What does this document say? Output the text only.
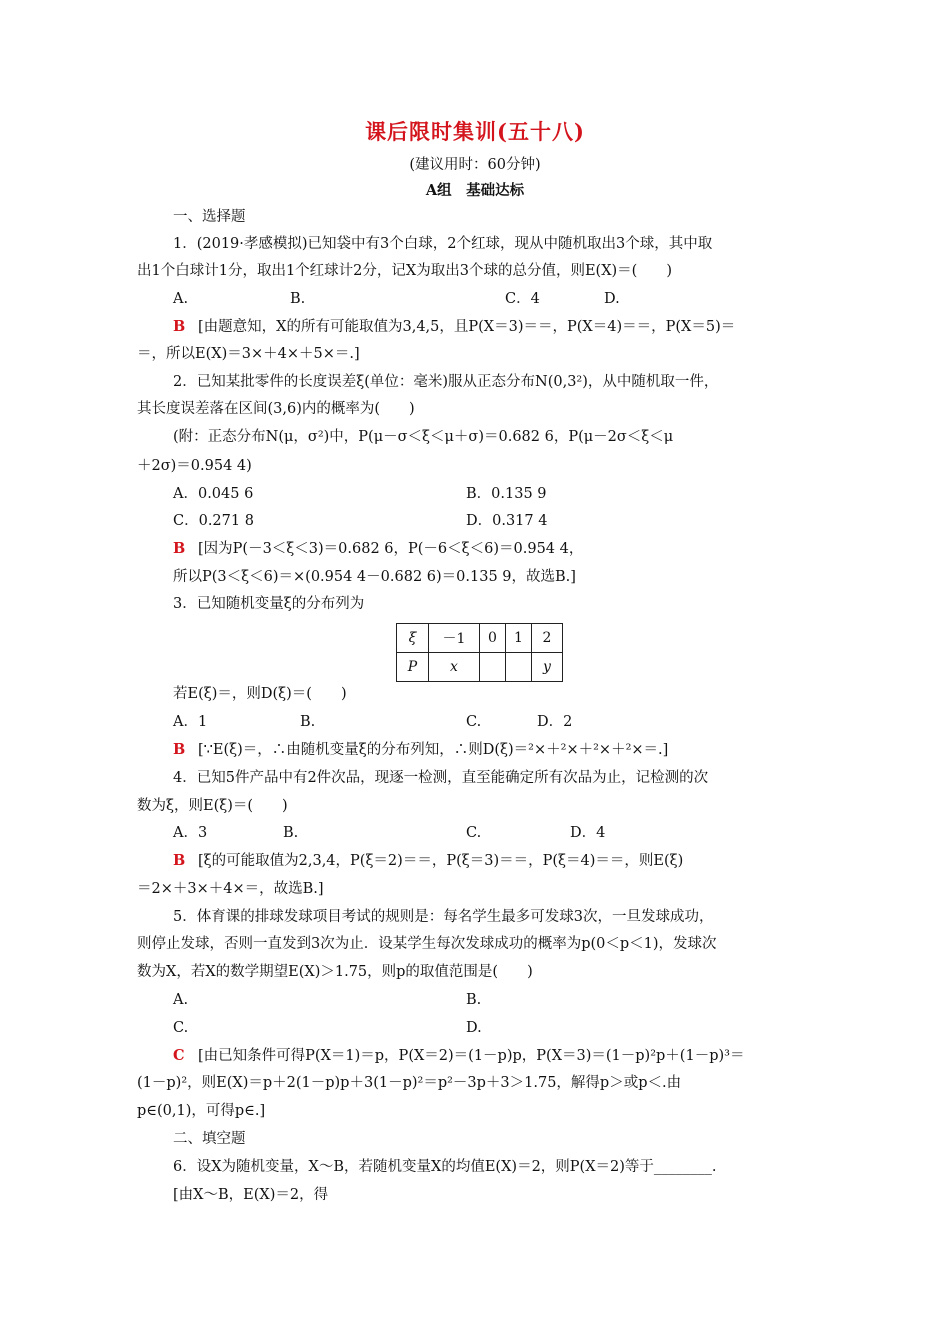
课后限时集训(五十八)
(建议用时：60分钟)
A组　基础达标
一、选择题
1．(2019·孝感模拟)已知袋中有3个白球，2个红球，现从中随机取出3个球，其中取
出1个白球计1分，取出1个红球计2分，记X为取出3个球的总分值，则E(X)＝(　　)
A.	B.	C．4	D.
B [由题意知，X的所有可能取值为3,4,5，且P(X＝3)＝＝，P(X＝4)＝＝，P(X＝5)＝
＝，所以E(X)＝3×＋4×＋5×＝.]
2．已知某批零件的长度误差ξ(单位：毫米)服从正态分布N(0,3²)，从中随机取一件，
其长度误差落在区间(3,6)内的概率为(　　)
(附：正态分布N(μ，σ²)中，P(μ－σ＜ξ＜μ＋σ)＝0.682 6，P(μ－2σ＜ξ＜μ
＋2σ)＝0.954 4)
A．0.045 6	B．0.135 9
C．0.271 8	D．0.317 4
B [因为P(－3＜ξ＜3)＝0.682 6，P(－6＜ξ＜6)＝0.954 4，
所以P(3＜ξ＜6)＝×(0.954 4－0.682 6)＝0.135 9，故选B.]
3．已知随机变量ξ的分布列为
ξ	－1	0	1	2
P	x			y
若E(ξ)＝，则D(ξ)＝(　　)
A．1	B.	C.	D．2
B [∵E(ξ)＝，∴由随机变量ξ的分布列知，∴则D(ξ)＝²×＋²×＋²×＋²×＝.]
4．已知5件产品中有2件次品，现逐一检测，直至能确定所有次品为止，记检测的次
数为ξ，则E(ξ)＝(　　)
A．3	B.	C.	D．4
B [ξ的可能取值为2,3,4，P(ξ＝2)＝＝，P(ξ＝3)＝＝，P(ξ＝4)＝＝，则E(ξ)
＝2×＋3×＋4×＝，故选B.]
5．体育课的排球发球项目考试的规则是：每名学生最多可发球3次，一旦发球成功，
则停止发球，否则一直发到3次为止．设某学生每次发球成功的概率为p(0＜p＜1)，发球次
数为X，若X的数学期望E(X)＞1.75，则p的取值范围是(　　)
A.	B.
C.	D.
C [由已知条件可得P(X＝1)＝p，P(X＝2)＝(1－p)p，P(X＝3)＝(1－p)²p＋(1－p)³＝
(1－p)²，则E(X)＝p＋2(1－p)p＋3(1－p)²＝p²－3p＋3＞1.75，解得p＞或p＜.由
p∈(0,1)，可得p∈.]
二、填空题
6．设X为随机变量，X～B，若随机变量X的均值E(X)＝2，则P(X＝2)等于________.
[由X～B，E(X)＝2，得
